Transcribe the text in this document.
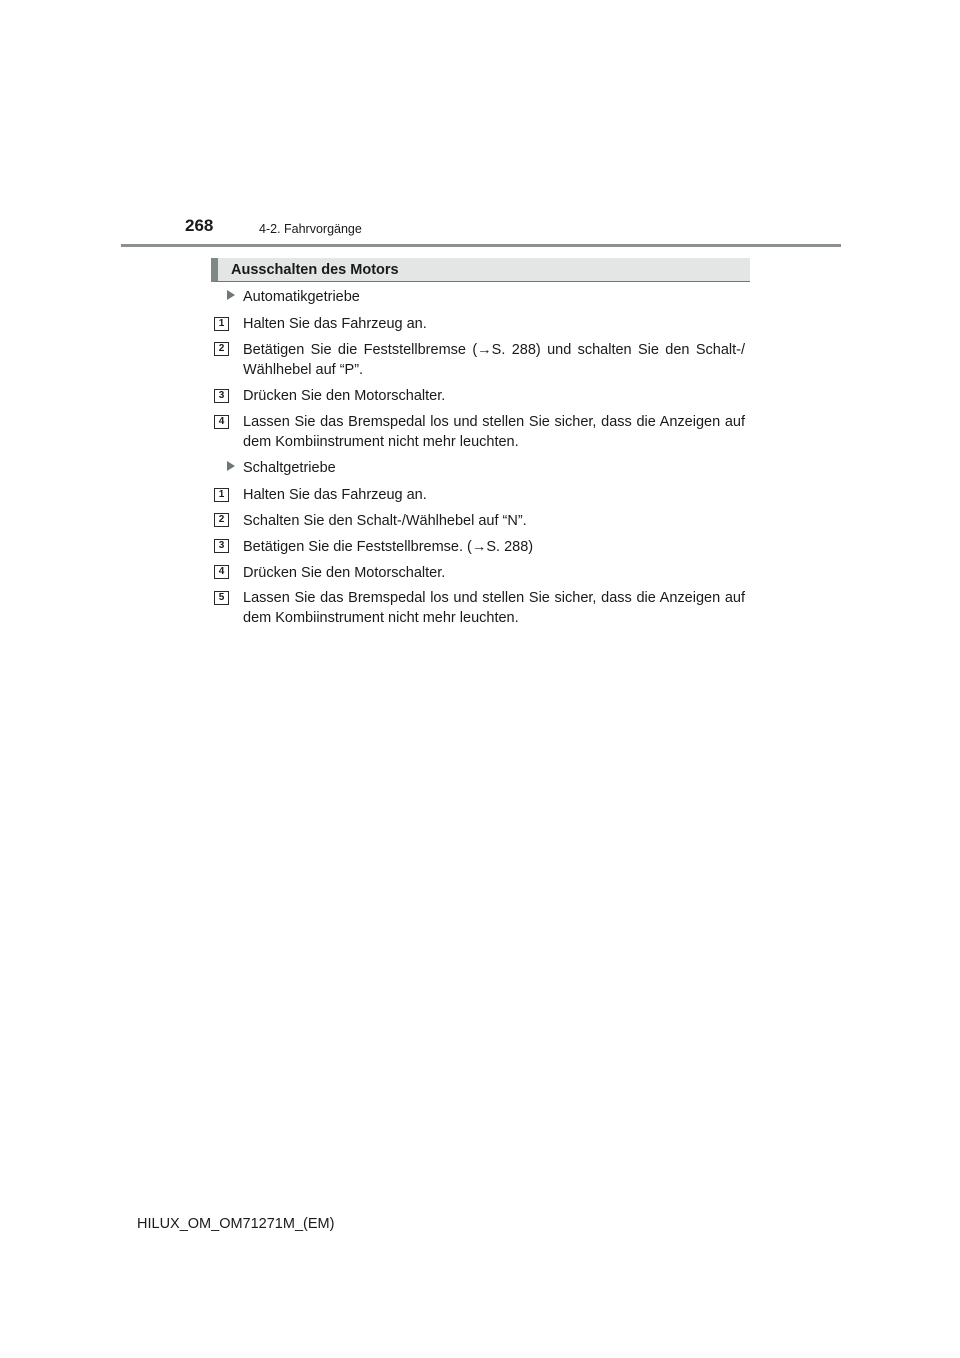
268	4-2. Fahrvorgänge
Ausschalten des Motors
Automatikgetriebe
1	Halten Sie das Fahrzeug an.
2	Betätigen Sie die Feststellbremse (→S. 288) und schalten Sie den Schalt-/ Wählhebel auf “P”.
3	Drücken Sie den Motorschalter.
4	Lassen Sie das Bremspedal los und stellen Sie sicher, dass die Anzeigen auf dem Kombiinstrument nicht mehr leuchten.
Schaltgetriebe
1	Halten Sie das Fahrzeug an.
2	Schalten Sie den Schalt-/Wählhebel auf “N”.
3	Betätigen Sie die Feststellbremse. (→S. 288)
4	Drücken Sie den Motorschalter.
5	Lassen Sie das Bremspedal los und stellen Sie sicher, dass die Anzeigen auf dem Kombiinstrument nicht mehr leuchten.
HILUX_OM_OM71271M_(EM)
